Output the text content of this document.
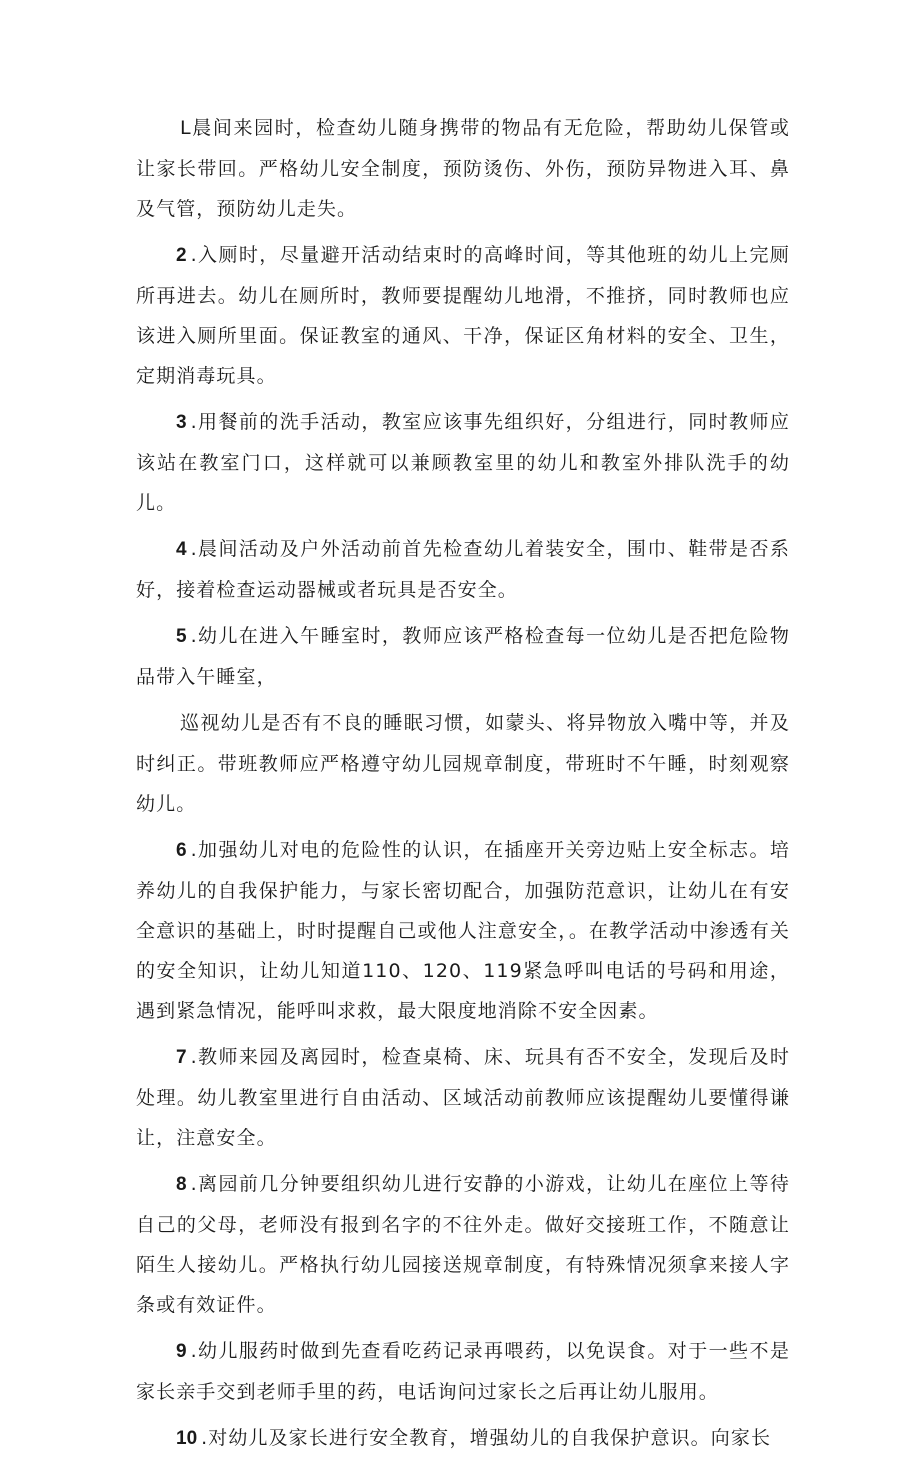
L晨间来园时，检查幼儿随身携带的物品有无危险，帮助幼儿保管或让家长带回。严格幼儿安全制度，预防烫伤、外伤，预防异物进入耳、鼻及气管，预防幼儿走失。

2 .入厕时，尽量避开活动结束时的高峰时间，等其他班的幼儿上完厕所再进去。幼儿在厕所时，教师要提醒幼儿地滑，不推挤，同时教师也应该进入厕所里面。保证教室的通风、干净，保证区角材料的安全、卫生，定期消毒玩具。

3 .用餐前的洗手活动，教室应该事先组织好，分组进行，同时教师应该站在教室门口，这样就可以兼顾教室里的幼儿和教室外排队洗手的幼儿。

4 .晨间活动及户外活动前首先检查幼儿着装安全，围巾、鞋带是否系好，接着检查运动器械或者玩具是否安全。

5 .幼儿在进入午睡室时，教师应该严格检查每一位幼儿是否把危险物品带入午睡室，

巡视幼儿是否有不良的睡眠习惯，如蒙头、将异物放入嘴中等，并及时纠正。带班教师应严格遵守幼儿园规章制度，带班时不午睡，时刻观察幼儿。

6 .加强幼儿对电的危险性的认识，在插座开关旁边贴上安全标志。培养幼儿的自我保护能力，与家长密切配合，加强防范意识，让幼儿在有安全意识的基础上，时时提醒自己或他人注意安全，。在教学活动中渗透有关的安全知识，让幼儿知道110、120、119紧急呼叫电话的号码和用途，遇到紧急情况，能呼叫求救，最大限度地消除不安全因素。

7 .教师来园及离园时，检查桌椅、床、玩具有否不安全，发现后及时处理。幼儿教室里进行自由活动、区域活动前教师应该提醒幼儿要懂得谦让，注意安全。

8 .离园前几分钟要组织幼儿进行安静的小游戏，让幼儿在座位上等待自己的父母，老师没有报到名字的不往外走。做好交接班工作，不随意让陌生人接幼儿。严格执行幼儿园接送规章制度，有特殊情况须拿来接人字条或有效证件。

9 .幼儿服药时做到先查看吃药记录再喂药，以免误食。对于一些不是家长亲手交到老师手里的药，电话询问过家长之后再让幼儿服用。

10 .对幼儿及家长进行安全教育，增强幼儿的自我保护意识。向家长
